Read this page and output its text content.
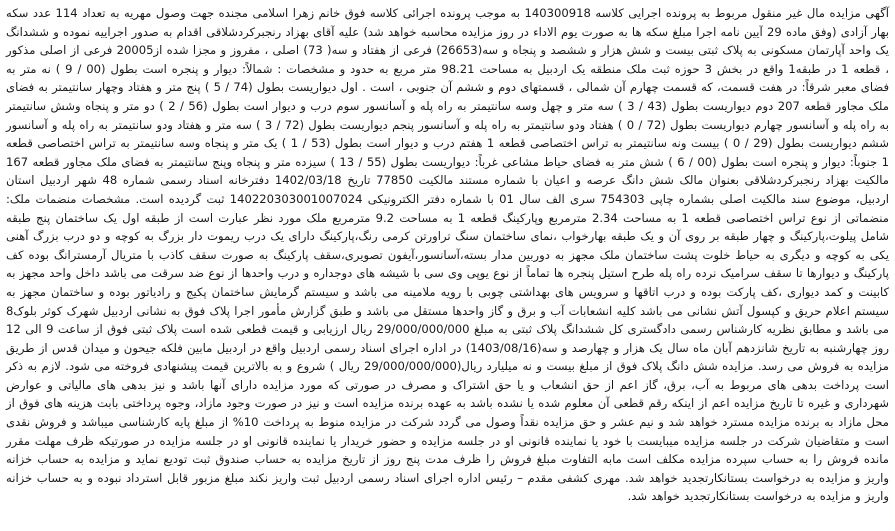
آگهی مزایده مال غیر منقول مربوط به پرونده اجرایی کلاسه 140300918 به موجب پرونده اجرائی کلاسه فوق خانم زهرا اسلامی مجنده جهت وصول مهریه به تعداد 114 عدد سکه بهار آزادی (وفق ماده 29 آیین نامه اجرا مبلغ سکه ها به صورت یوم الاداء در روز مزایده محاسبه خواهد شد) علیه آقای بهزاد رنجبرکردشلاقی اقدام به صدور اجراییه نموده و ششدانگ یک واحد آپارتمان مسکونی به پلاک ثبتی بیست و شش هزار و ششصد و پنجاه و سه(26653) فرعی از هفتاد و سه( 73) اصلی ، مفروز و مجزا شده از20005 فرعی از اصلی مذکور ، قطعه 1 در طبقه1 واقع در بخش 3 حوزه ثبت ملک منطقه یک اردبیل به مساحت 98.21 متر مربع به حدود و مشخصات : شمالاً: دیوار و پنجره است بطول (00 / 9 ) نه متر به فضای معبر شرقاً: در هفت قسمت، که قسمت چهارم آن شمالی ، قسمتهای دوم و ششم آن جنوبی ، است . اول دیواریست بطول (74 / 5 ) پنج متر و هفتاد وچهار سانتیمتر به فضای ملک مجاور قطعه 207 دوم دیواریست بطول (43 / 3 ) سه متر و چهل وسه سانتیمتر به راه پله و آسانسور سوم درب و دیوار است بطول (56 / 2 ) دو متر و پنجاه وشش سانتیمتر به راه پله و آسانسور چهارم دیواریست بطول (72 / 0 ) هفتاد ودو سانتیمتر به راه پله و آسانسور پنجم دیواریست بطول (72 / 3 ) سه متر و هفتاد ودو سانتیمتر به راه پله و آسانسور ششم دیواریست بطول (29 / 0 ) بیست ونه سانتیمتر به تراس اختصاصی قطعه 1 هفتم درب و دیوار است بطول (53 / 1 ) یک متر و پنجاه وسه سانتیمتر به تراس اختصاصی قطعه 1 جنوباً: دیوار و پنجره است بطول (00 / 6 ) شش متر به فضای حیاط مشاعی غرباً: دیواریست بطول (55 / 13 ) سیزده متر و پنجاه وپنج سانتیمتر به فضای ملک مجاور قطعه 167 مالکیت بهزاد رنجبرکردشلاقی بعنوان مالک شش دانگ عرصه و اعیان با شماره مستند مالکیت 77850 تاریخ 1402/03/18 دفترخانه اسناد رسمی شماره 48 شهر اردبیل استان اردبیل، موضوع سند مالکیت اصلی بشماره چاپی 754303 سری الف سال 01 با شماره دفتر الکترونیکی 140220303001007024 ثبت گردیده است. مشخصات منضمات ملک: منضماتی از نوع تراس اختصاصی قطعه 1 به مساحت 2.34 مترمربع وپارکینگ قطعه 1 به مساحت 9.2 مترمربع ملک مورد نظر عبارت است از طبقه اول یک ساختمان پنج طبقه شامل پیلوت،پارکینگ و چهار طبقه بر روی آن و یک طبقه بهارخواب ،نمای ساختمان سنگ تراورتن کرمی رنگ،پارکینگ دارای یک درب ریموت دار بزرگ به کوچه و دو درب بزرگ آهنی یکی به کوچه و دیگری به حیاط خلوت پشت ساختمان ملک مجهز به دوربین مدار بسته،آسانسور،آیفون تصویری،سقف پارکینگ به صورت سقف کاذب با متریال آرمسترانگ بوده کف پارکینگ و دیوارها تا سقف سرامیک نرده راه پله طرح استیل پنجره ها تماماً از نوع یوپی وی سی با شیشه های دوجداره و درب واحدها از نوع ضد سرقت می باشد داخل واحد مجهز به کابینت و کمد دیواری ،کف پارکت بوده و درب اتاقها و سرویس های بهداشتی چوبی با رویه ملامینه می باشد و سیستم گرمایش ساختمان پکیج و رادیاتور بوده و ساختمان مجهز به سیستم اعلام حریق و کپسول آتش نشانی می باشد کلیه انشعابات آب و برق و گاز واحدها مستقل می باشد و طبق گزارش مأمور اجرا پلاک فوق به نشانی اردبیل شهرک کوثر بلوک8 می باشد و مطابق نظریه کارشناس رسمی دادگستری کل ششدانگ پلاک ثبتی به مبلغ 29/000/000/000 ریال ارزیابی و قیمت قطعی شده است پلاک ثبتی فوق از ساعت 9 الی 12 روز چهارشنبه به تاریخ شانزدهم آبان ماه سال یک هزار و چهارصد و سه(1403/08/16) در اداره اجرای اسناد رسمی اردبیل واقع در اردبیل مابین فلکه جیحون و میدان قدس از طریق مزایده به فروش می رسد. مزایده شش دانگ پلاک فوق از مبلغ بیست و نه میلیارد ریال(29/000/000/000 ریال ) شروع و به بالاترین قیمت پیشنهادی فروخته می شود. لازم به ذکر است پرداخت بدهی های مربوط به آب، برق، گاز اعم از حق انشعاب و یا حق اشتراک و مصرف در صورتی که مورد مزایده دارای آنها باشد و نیز بدهی های مالیاتی و عوارض شهرداری و غیره تا تاریخ مزایده اعم از اینکه رقم قطعی آن معلوم شده یا نشده باشد به عهده برنده مزایده است و نیز در صورت وجود مازاد، وجوه پرداختی بابت هزینه های فوق از محل مازاد به برنده مزایده مسترد خواهد شد و نیم عشر و حق مزایده نقداً وصول می گردد شرکت در مزایده منوط به پرداخت 10% از مبلغ پایه کارشناسی میباشد و فروش نقدی است و متقاضیان شرکت در جلسه مزایده میبایست با خود یا نماینده قانونی او در جلسه مزایده و حضور خریدار یا نماینده قانونی او در جلسه مزایده در صورتیکه ظرف مهلت مقرر مانده فروش را به حساب سپرده مزایده مکلف است مابه التفاوت مبلغ فروش را ظرف مدت پنج روز از تاریخ مزایده به حساب صندوق ثبت تودیع نماید و مزایده به حساب خزانه واریز و مزایده به درخواست بستانکارتجدید خواهد شد. مهری کشفی مقدم – رئیس اداره اجرای اسناد رسمی اردبیل ثبت واریز نکند مبلغ مزبور قابل استرداد نبوده و به حساب خزانه واریز و مزایده به درخواست بستانکارتجدید خواهد شد.
